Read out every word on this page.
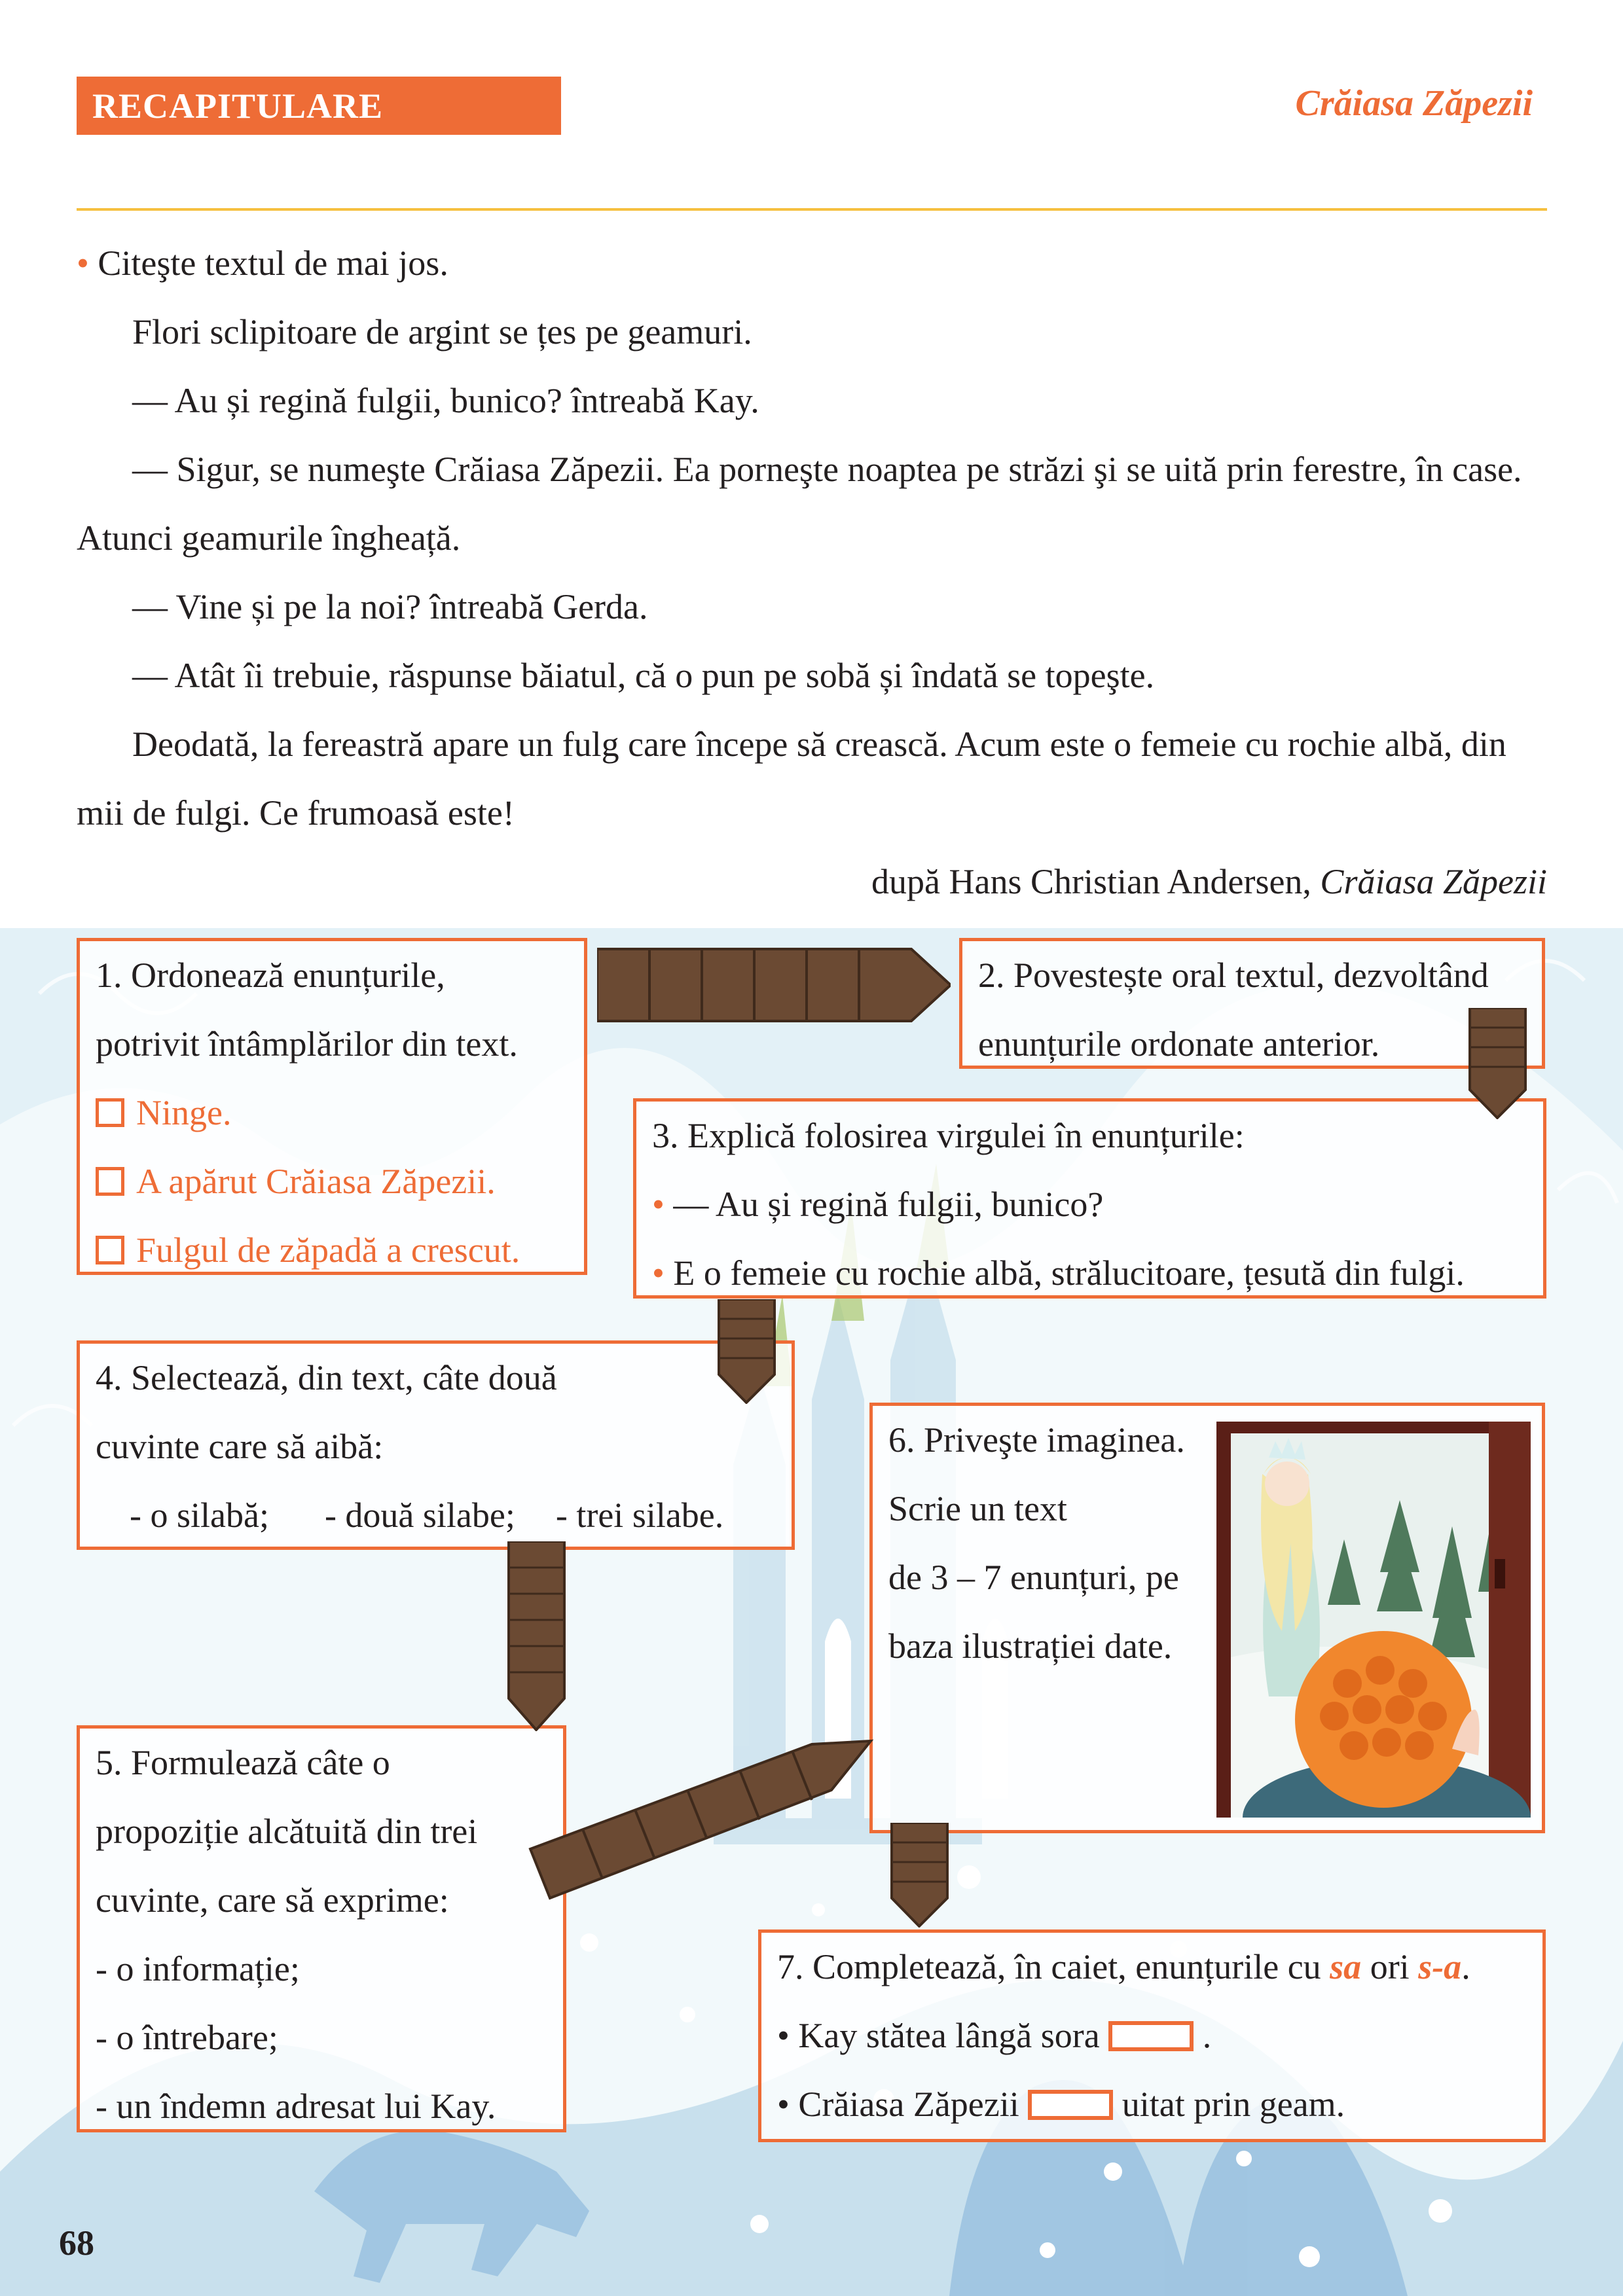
RECAPITULARE	Crăiasa Zăpezii

• Citeşte textul de mai jos.

Flori sclipitoare de argint se țes pe geamuri.

— Au și regină fulgii, bunico? întreabă Kay.

— Sigur, se numeşte Crăiasa Zăpezii. Ea porneşte noaptea pe străzi şi se uită prin ferestre, în case. Atunci geamurile îngheață.

— Vine și pe la noi? întreabă Gerda.

— Atât îi trebuie, răspunse băiatul, că o pun pe sobă și îndată se topeşte.

Deodată, la fereastră apare un fulg care începe să crească. Acum este o femeie cu rochie albă, din mii de fulgi. Ce frumoasă este!

după Hans Christian Andersen, Crăiasa Zăpezii

1. Ordonează enunțurile,

potrivit întâmplărilor din text.

Ninge.

A apărut Crăiasa Zăpezii.

Fulgul de zăpadă a crescut.

2. Povestește oral textul, dezvoltând

enunțurile ordonate anterior.

3. Explică folosirea virgulei în enunțurile:

• — Au și regină fulgii, bunico?

• E o femeie cu rochie albă, strălucitoare, țesută din fulgi.

4. Selectează, din text, câte două

cuvinte care să aibă:

- o silabă; - două silabe; - trei silabe.

6. Priveşte imaginea.

Scrie un text

de 3 – 7 enunțuri, pe

baza ilustrației date.

5. Formulează câte o

propoziție alcătuită din trei

cuvinte, care să exprime:

- o informație;

- o întrebare;

- un îndemn adresat lui Kay.

7. Completează, în caiet, enunțurile cu sa ori s-a.

• Kay stătea lângă sora	.

• Crăiasa Zăpezii	uitat prin geam.

68
